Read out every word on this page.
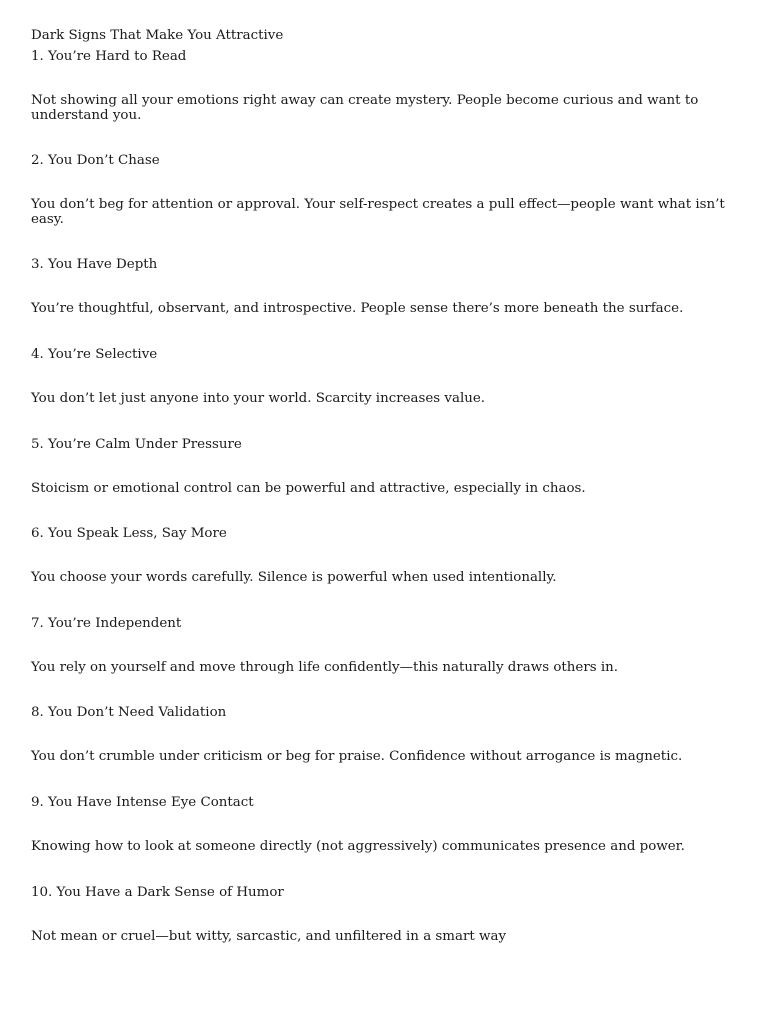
Dark Signs That Make You Attractive
1. You’re Hard to Read

Not showing all your emotions right away can create mystery. People become curious and want to understand you.

2. You Don’t Chase

You don’t beg for attention or approval. Your self-respect creates a pull effect—people want what isn’t easy.

3. You Have Depth

You’re thoughtful, observant, and introspective. People sense there’s more beneath the surface.

4. You’re Selective

You don’t let just anyone into your world. Scarcity increases value.

5. You’re Calm Under Pressure

Stoicism or emotional control can be powerful and attractive, especially in chaos.

6. You Speak Less, Say More

You choose your words carefully. Silence is powerful when used intentionally.

7. You’re Independent

You rely on yourself and move through life confidently—this naturally draws others in.

8. You Don’t Need Validation

You don’t crumble under criticism or beg for praise. Confidence without arrogance is magnetic.

9. You Have Intense Eye Contact

Knowing how to look at someone directly (not aggressively) communicates presence and power.

10. You Have a Dark Sense of Humor

Not mean or cruel—but witty, sarcastic, and unfiltered in a smart way
